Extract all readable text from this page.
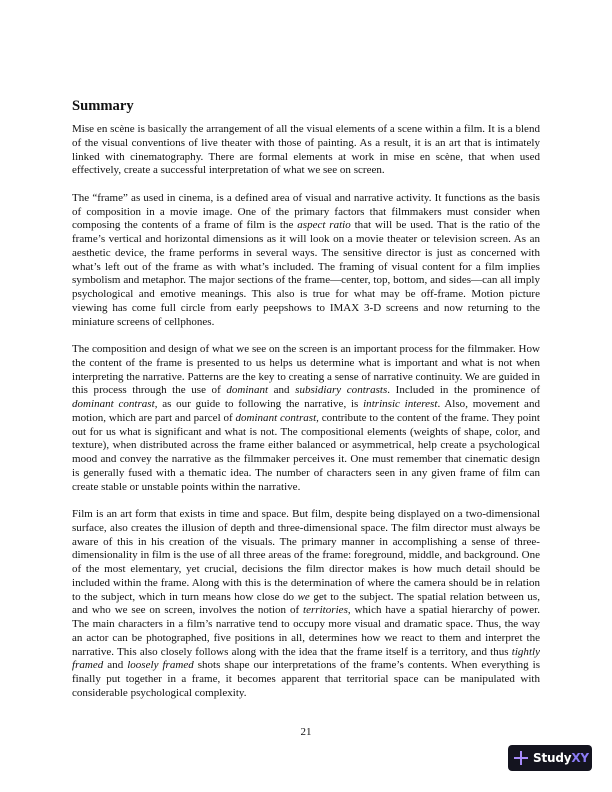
Summary

Mise en scène is basically the arrangement of all the visual elements of a scene within a film. It is a blend of the visual conventions of live theater with those of painting. As a result, it is an art that is intimately linked with cinematography. There are formal elements at work in mise en scène, that when used effectively, create a successful interpretation of what we see on screen.

The “frame” as used in cinema, is a defined area of visual and narrative activity. It functions as the basis of composition in a movie image. One of the primary factors that filmmakers must consider when composing the contents of a frame of film is the aspect ratio that will be used. That is the ratio of the frame’s vertical and horizontal dimensions as it will look on a movie theater or television screen. As an aesthetic device, the frame performs in several ways. The sensitive director is just as concerned with what’s left out of the frame as with what’s included. The framing of visual content for a film implies symbolism and metaphor. The major sections of the frame—center, top, bottom, and sides—can all imply psychological and emotive meanings. This also is true for what may be off-frame. Motion picture viewing has come full circle from early peepshows to IMAX 3-D screens and now returning to the miniature screens of cellphones.

The composition and design of what we see on the screen is an important process for the filmmaker. How the content of the frame is presented to us helps us determine what is important and what is not when interpreting the narrative. Patterns are the key to creating a sense of narrative continuity. We are guided in this process through the use of dominant and subsidiary contrasts. Included in the prominence of dominant contrast, as our guide to following the narrative, is intrinsic interest. Also, movement and motion, which are part and parcel of dominant contrast, contribute to the content of the frame. They point out for us what is significant and what is not. The compositional elements (weights of shape, color, and texture), when distributed across the frame either balanced or asymmetrical, help create a psychological mood and convey the narrative as the filmmaker perceives it. One must remember that cinematic design is generally fused with a thematic idea. The number of characters seen in any given frame of film can create stable or unstable points within the narrative.

Film is an art form that exists in time and space. But film, despite being displayed on a two-dimensional surface, also creates the illusion of depth and three-dimensional space. The film director must always be aware of this in his creation of the visuals. The primary manner in accomplishing a sense of three-dimensionality in film is the use of all three areas of the frame: foreground, middle, and background. One of the most elementary, yet crucial, decisions the film director makes is how much detail should be included within the frame. Along with this is the determination of where the camera should be in relation to the subject, which in turn means how close do we get to the subject. The spatial relation between us, and who we see on screen, involves the notion of territories, which have a spatial hierarchy of power. The main characters in a film’s narrative tend to occupy more visual and dramatic space. Thus, the way an actor can be photographed, five positions in all, determines how we react to them and interpret the narrative. This also closely follows along with the idea that the frame itself is a territory, and thus tightly framed and loosely framed shots shape our interpretations of the frame’s contents. When everything is finally put together in a frame, it becomes apparent that territorial space can be manipulated with considerable psychological complexity.

21
StudyXY
